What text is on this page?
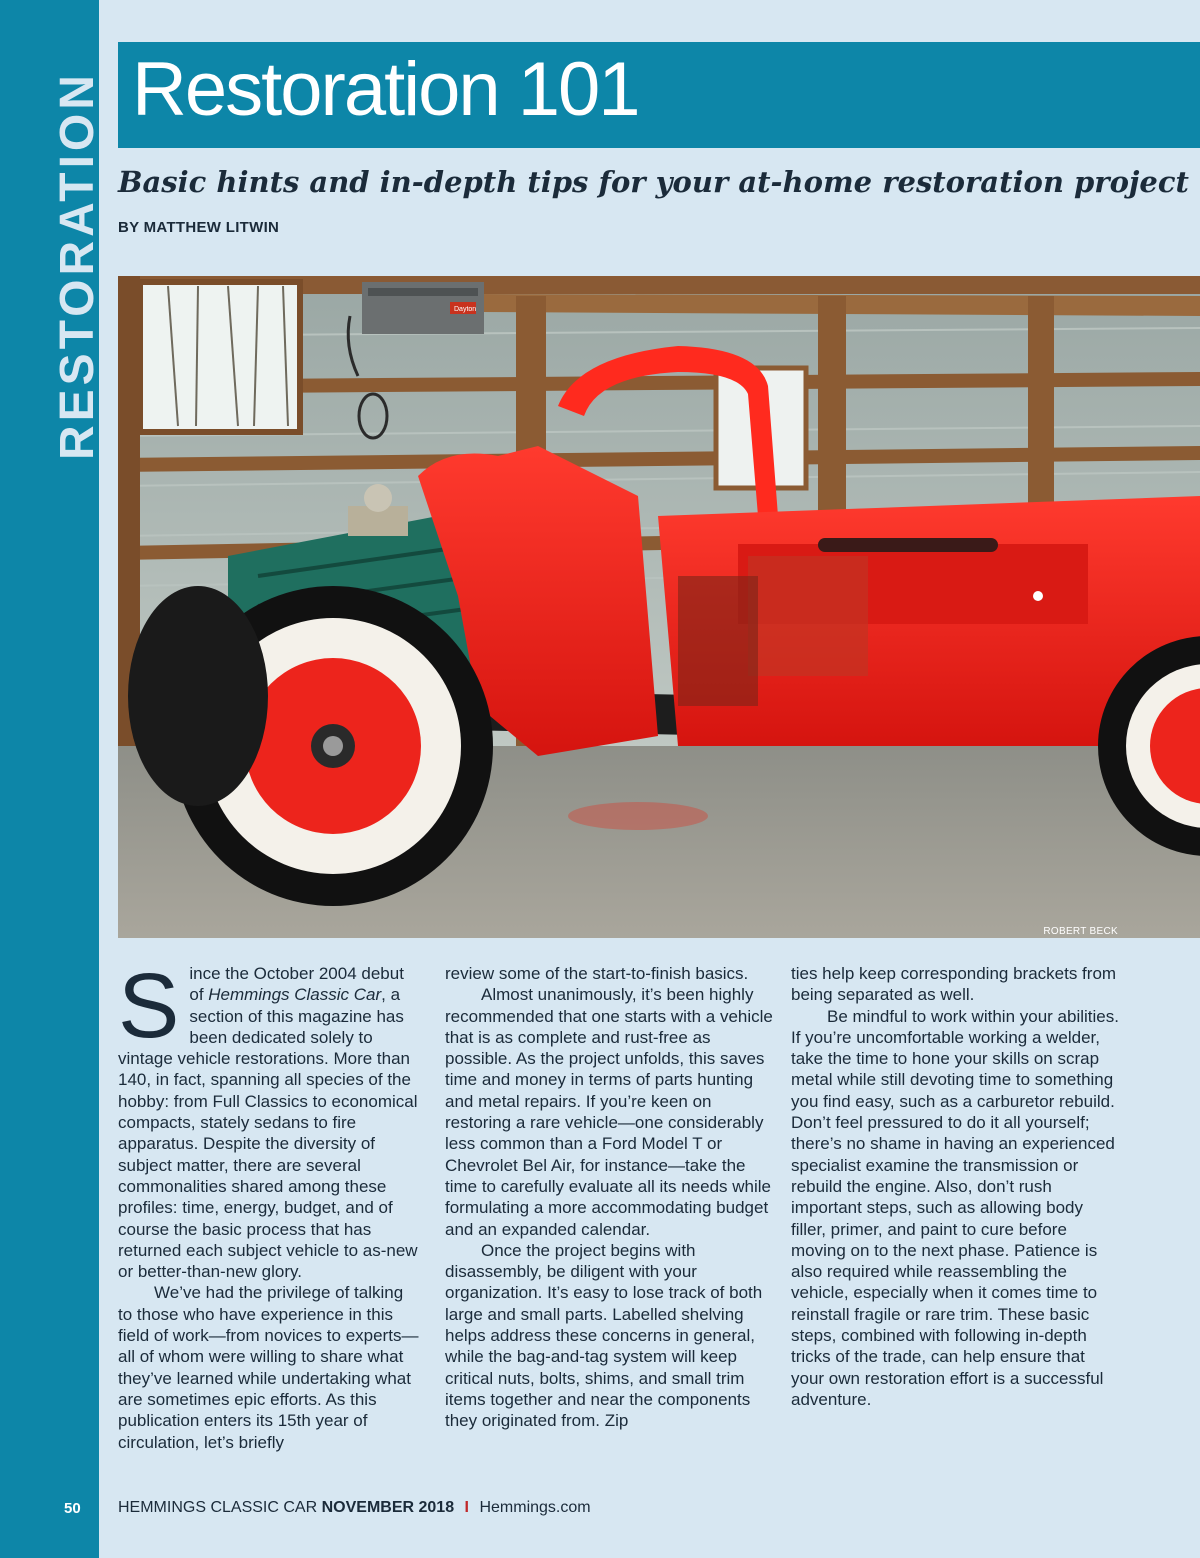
RESTORATION
50
Restoration 101
Basic hints and in-depth tips for your at-home restoration project
BY MATTHEW LITWIN
Dayton
ROBERT BECK

Since the October 2004 debut of Hemmings Classic Car, a section of this magazine has been dedicated solely to vintage vehicle restorations. More than 140, in fact, spanning all species of the hobby: from Full Classics to economical compacts, stately sedans to fire apparatus. Despite the diversity of subject matter, there are several commonalities shared among these profiles: time, energy, budget, and of course the basic process that has returned each subject vehicle to as-new or better-than-new glory.

We’ve had the privilege of talking to those who have experience in this field of work—from novices to experts—all of whom were willing to share what they’ve learned while undertaking what are sometimes epic efforts. As this publication enters its 15th year of circulation, let’s briefly

review some of the start-to-finish basics.

Almost unanimously, it’s been highly recommended that one starts with a vehicle that is as complete and rust-free as possible. As the project unfolds, this saves time and money in terms of parts hunting and metal repairs. If you’re keen on restoring a rare vehicle—one considerably less common than a Ford Model T or Chevrolet Bel Air, for instance—take the time to carefully evaluate all its needs while formulating a more accommodating budget and an expanded calendar.

Once the project begins with disassembly, be diligent with your organization. It’s easy to lose track of both large and small parts. Labelled shelving helps address these concerns in general, while the bag-and-tag system will keep critical nuts, bolts, shims, and small trim items together and near the components they originated from. Zip

ties help keep corresponding brackets from being separated as well.

Be mindful to work within your abilities. If you’re uncomfortable working a welder, take the time to hone your skills on scrap metal while still devoting time to something you find easy, such as a carburetor rebuild. Don’t feel pressured to do it all yourself; there’s no shame in having an experienced specialist examine the transmission or rebuild the engine. Also, don’t rush important steps, such as allowing body filler, primer, and paint to cure before moving on to the next phase. Patience is also required while reassembling the vehicle, especially when it comes time to reinstall fragile or rare trim. These basic steps, combined with following in-depth tricks of the trade, can help ensure that your own restoration effort is a successful adventure.

HEMMINGS CLASSIC CAR NOVEMBER 2018 I Hemmings.com
